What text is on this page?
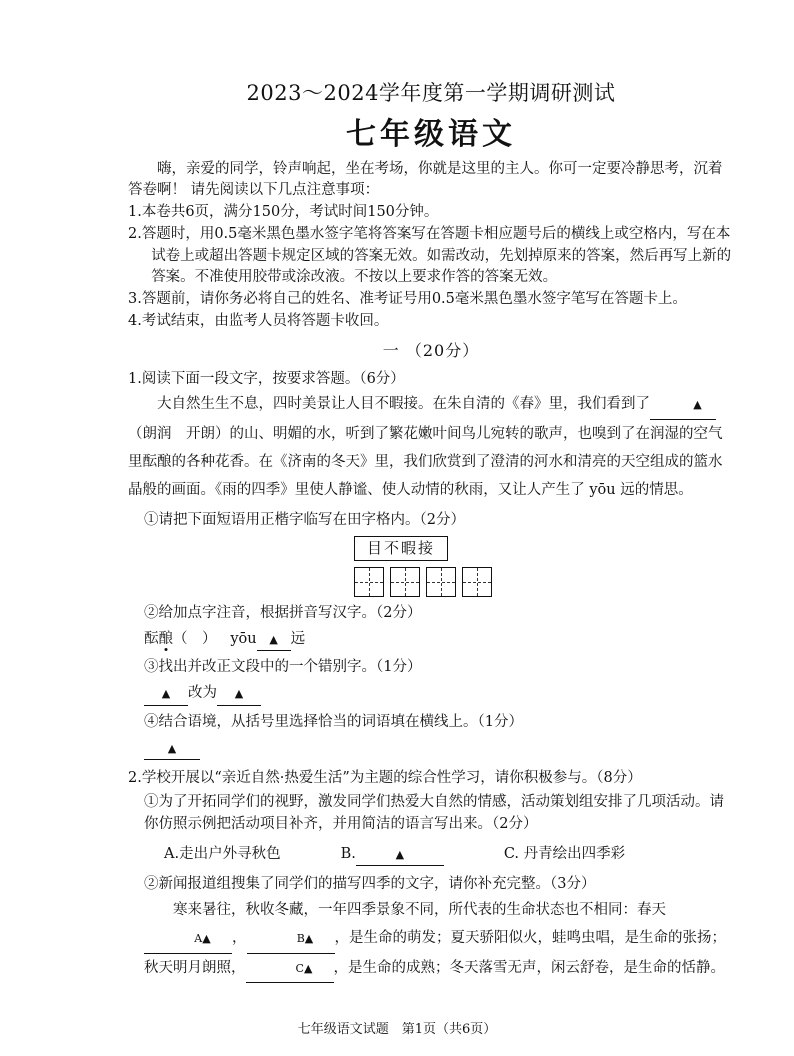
2023～2024学年度第一学期调研测试
七年级语文

嗨，亲爱的同学，铃声响起，坐在考场，你就是这里的主人。你可一定要冷静思考，沉着答卷啊！ 请先阅读以下几点注意事项：

1.本卷共6页，满分150分，考试时间150分钟。

2.答题时，用0.5毫米黑色墨水签字笔将答案写在答题卡相应题号后的横线上或空格内，写在本试卷上或超出答题卡规定区域的答案无效。如需改动，先划掉原来的答案，然后再写上新的答案。不准使用胶带或涂改液。不按以上要求作答的答案无效。

3.答题前，请你务必将自己的姓名、准考证号用0.5毫米黑色墨水签字笔写在答题卡上。

4.考试结束，由监考人员将答题卡收回。

一 （20分）

1.阅读下面一段文字，按要求答题。（6分）

大自然生生不息，四时美景让人目不暇接。在朱自清的《春》里，我们看到了	▲（朗润　开朗）的山、明媚的水，听到了繁花嫩叶间鸟儿宛转的歌声，也嗅到了在润湿的空气里酝酿的各种花香。在《济南的冬天》里，我们欣赏到了澄清的河水和清亮的天空组成的篮水晶般的画面。《雨的四季》里使人静谧、使人动情的秋雨，又让人产生了 yōu 远的情思。

①请把下面短语用正楷字临写在田字格内。（2分）

目不暇接

②给加点字注音，根据拼音写汉字。（2分）

酝酿（　） yōu ▲ 远

③找出并改正文段中的一个错别字。（1分）

▲ 改为 ▲

④结合语境，从括号里选择恰当的词语填在横线上。（1分）

▲

2.学校开展以“亲近自然·热爱生活”为主题的综合性学习，请你积极参与。（8分）

①为了开拓同学们的视野，激发同学们热爱大自然的情感，活动策划组安排了几项活动。请你仿照示例把活动项目补齐，并用简洁的语言写出来。（2分）

A.走出户外寻秋色	B.	▲	C. 丹青绘出四季彩

②新闻报道组搜集了同学们的描写四季的文字，请你补充完整。（3分）

寒来暑往，秋收冬藏，一年四季景象不同，所代表的生命状态也不相同：春天A▲ ，	B▲ ，是生命的萌发；夏天骄阳似火，蛙鸣虫唱，是生命的张扬；秋天明月朗照，	C▲ ，是生命的成熟；冬天落雪无声，闲云舒卷，是生命的恬静。

七年级语文试题　第1页（共6页）
